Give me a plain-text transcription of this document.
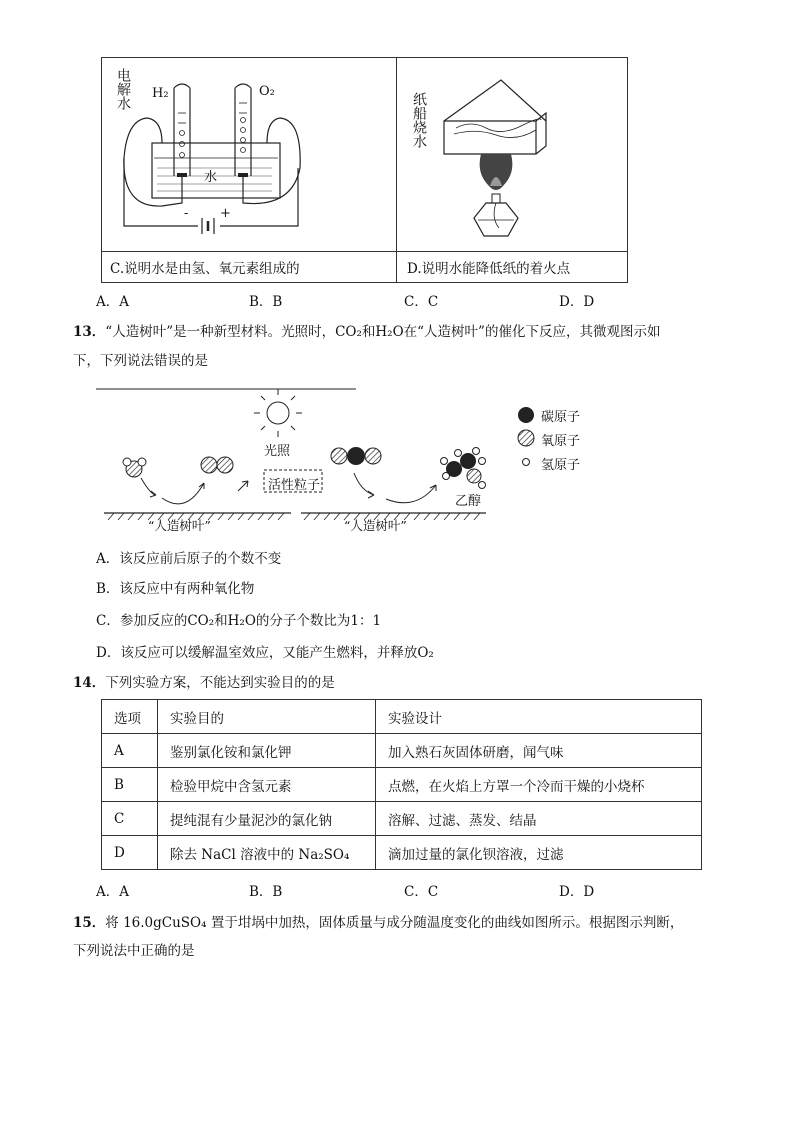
电解水 H₂	O₂
水
- +
纸船烧水
C.说明水是由氢、氧元素组成的	D.说明水能降低纸的着火点
A．A	B．B	C．C	D．D
13．“人造树叶”是一种新型材料。光照时，CO₂和H₂O在“人造树叶”的催化下反应，其微观图示如
下，下列说法错误的是
光照
活性粒子
“人造树叶”	“人造树叶”
乙醇
碳原子
氧原子
氢原子
A．该反应前后原子的个数不变
B．该反应中有两种氧化物
C．参加反应的CO₂和H₂O的分子个数比为1：1
D．该反应可以缓解温室效应，又能产生燃料，并释放O₂
14．下列实验方案，不能达到实验目的的是
选项	实验目的	实验设计
A	鉴别氯化铵和氯化钾	加入熟石灰固体研磨，闻气味
B	检验甲烷中含氢元素	点燃，在火焰上方罩一个冷而干燥的小烧杯
C	提纯混有少量泥沙的氯化钠	溶解、过滤、蒸发、结晶
D	除去 NaCl 溶液中的 Na₂SO₄	滴加过量的氯化钡溶液，过滤
A．A	B．B	C．C	D．D
15．将 16.0gCuSO₄ 置于坩埚中加热，固体质量与成分随温度变化的曲线如图所示。根据图示判断，
下列说法中正确的是
